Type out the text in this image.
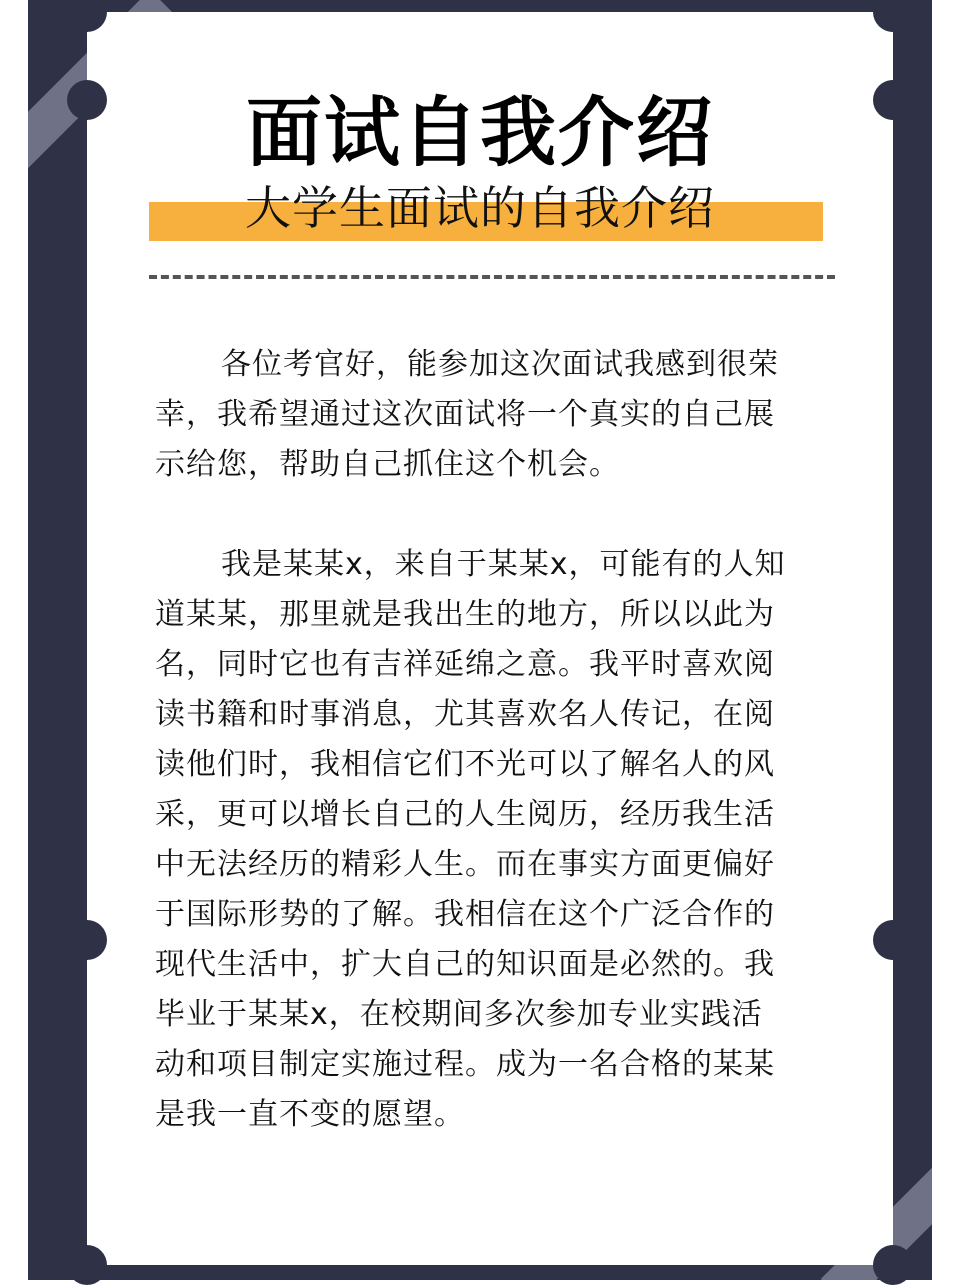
面试自我介绍
大学生面试的自我介绍
各位考官好，能参加这次面试我感到很荣
幸，我希望通过这次面试将一个真实的自己展
示给您，帮助自己抓住这个机会。
我是某某x，来自于某某x，可能有的人知
道某某，那里就是我出生的地方，所以以此为
名，同时它也有吉祥延绵之意。我平时喜欢阅
读书籍和时事消息，尤其喜欢名人传记，在阅
读他们时，我相信它们不光可以了解名人的风
采，更可以增长自己的人生阅历，经历我生活
中无法经历的精彩人生。而在事实方面更偏好
于国际形势的了解。我相信在这个广泛合作的
现代生活中，扩大自己的知识面是必然的。我
毕业于某某x，在校期间多次参加专业实践活
动和项目制定实施过程。成为一名合格的某某
是我一直不变的愿望。
